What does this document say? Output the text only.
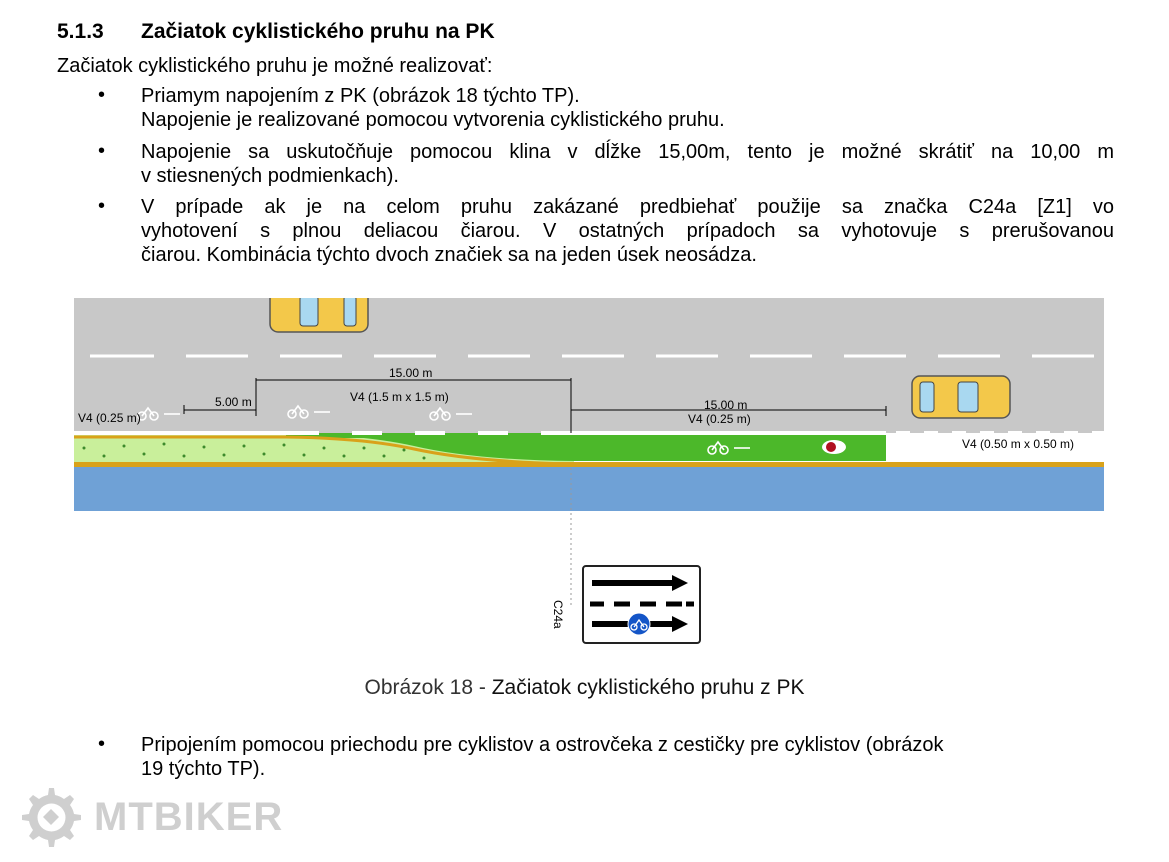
5.1.3 Začiatok cyklistického pruhu na PK
Začiatok cyklistického pruhu je možné realizovať:
• Priamym napojením z PK (obrázok 18 týchto TP).
Napojenie je realizované pomocou vytvorenia cyklistického pruhu.
• Napojenie sa uskutočňuje pomocou klina v dĺžke 15,00m, tento je možné skrátiť na 10,00 m
v stiesnených podmienkach).
• V prípade ak je na celom pruhu zakázané predbiehať použije sa značka C24a [Z1] vo
vyhotovení s plnou deliacou čiarou. V ostatných prípadoch sa vyhotovuje s prerušovanou
čiarou. Kombinácia týchto dvoch značiek sa na jeden úsek neosádza.
• Pripojením pomocou priechodu pre cyklistov a ostrovčeka z cestičky pre cyklistov (obrázok
19 týchto TP).
V4 (0.25 m)
5.00 m
15.00 m
V4 (1.5 m x 1.5 m)
15.00 m
V4 (0.25 m)
V4 (0.50 m x 0.50 m)
C24a
Obrázok 18 - Začiatok cyklistického pruhu z PK
MTBIKER
